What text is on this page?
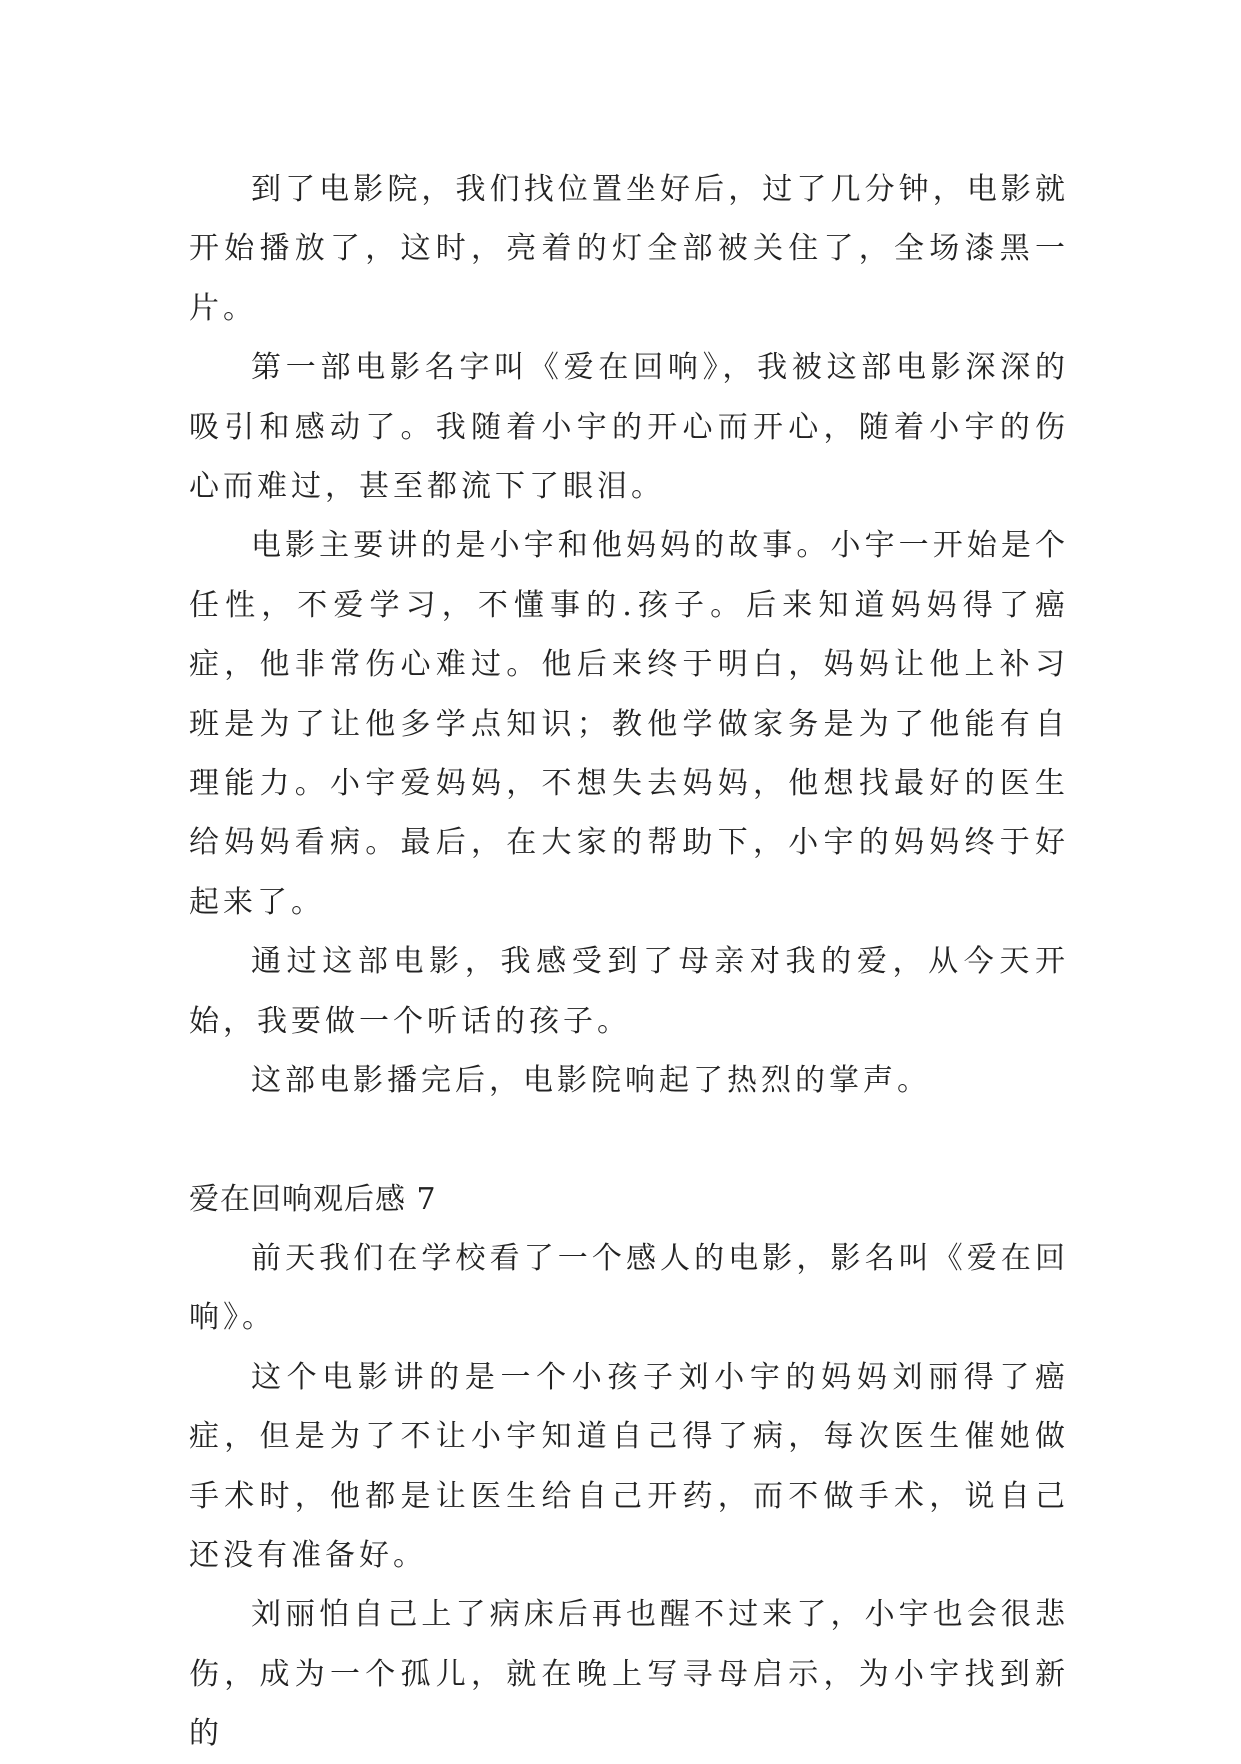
到了电影院，我们找位置坐好后，过了几分钟，电影就开始播放了，这时，亮着的灯全部被关住了，全场漆黑一片。

第一部电影名字叫《爱在回响》，我被这部电影深深的吸引和感动了。我随着小宇的开心而开心，随着小宇的伤心而难过，甚至都流下了眼泪。

电影主要讲的是小宇和他妈妈的故事。小宇一开始是个任性，不爱学习，不懂事的.孩子。后来知道妈妈得了癌症，他非常伤心难过。他后来终于明白，妈妈让他上补习班是为了让他多学点知识；教他学做家务是为了他能有自理能力。小宇爱妈妈，不想失去妈妈，他想找最好的医生给妈妈看病。最后，在大家的帮助下，小宇的妈妈终于好起来了。

通过这部电影，我感受到了母亲对我的爱，从今天开始，我要做一个听话的孩子。

这部电影播完后，电影院响起了热烈的掌声。

爱在回响观后感 7

前天我们在学校看了一个感人的电影，影名叫《爱在回响》。

这个电影讲的是一个小孩子刘小宇的妈妈刘丽得了癌症，但是为了不让小宇知道自己得了病，每次医生催她做手术时，他都是让医生给自己开药，而不做手术，说自己还没有准备好。

刘丽怕自己上了病床后再也醒不过来了，小宇也会很悲伤，成为一个孤儿，就在晚上写寻母启示，为小宇找到新的
